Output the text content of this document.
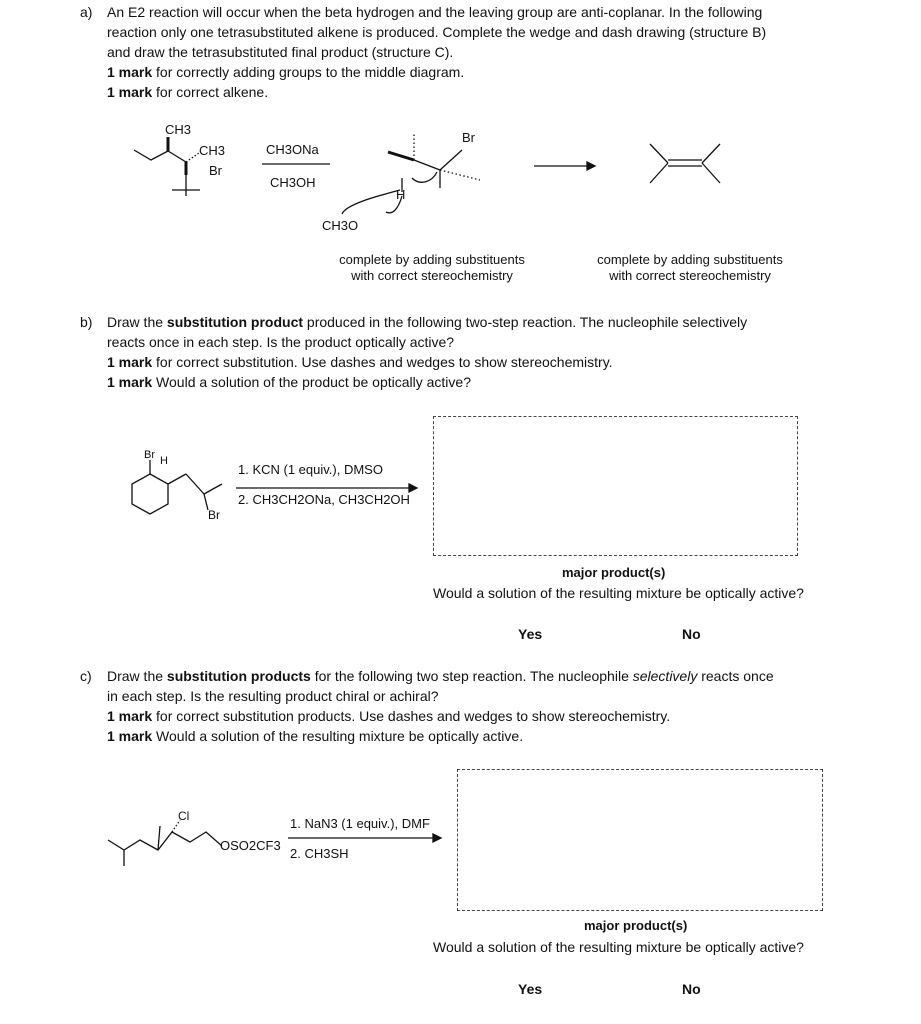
a) An E2 reaction will occur when the beta hydrogen and the leaving group are anti-coplanar. In the following
reaction only one tetrasubstituted alkene is produced. Complete the wedge and dash drawing (structure B)
and draw the tetrasubstituted final product (structure C).
1 mark for correctly adding groups to the middle diagram.
1 mark for correct alkene.
CH3
CH3
Br
CH3ONa
CH3OH
Br
H
CH3O
complete by adding substituents
with correct stereochemistry
complete by adding substituents
with correct stereochemistry
b) Draw the substitution product produced in the following two-step reaction. The nucleophile selectively
reacts once in each step. Is the product optically active?
1 mark for correct substitution. Use dashes and wedges to show stereochemistry.
1 mark Would a solution of the product be optically active?
Br H
Br
1. KCN (1 equiv.), DMSO
2. CH3CH2ONa, CH3CH2OH
major product(s)
Would a solution of the resulting mixture be optically active?
Yes	No
c) Draw the substitution products for the following two step reaction. The nucleophile selectively reacts once
in each step. Is the resulting product chiral or achiral?
1 mark for correct substitution products. Use dashes and wedges to show stereochemistry.
1 mark Would a solution of the resulting mixture be optically active.
Cl
OSO2CF3
1. NaN3 (1 equiv.), DMF
2. CH3SH
major product(s)
Would a solution of the resulting mixture be optically active?
Yes	No
